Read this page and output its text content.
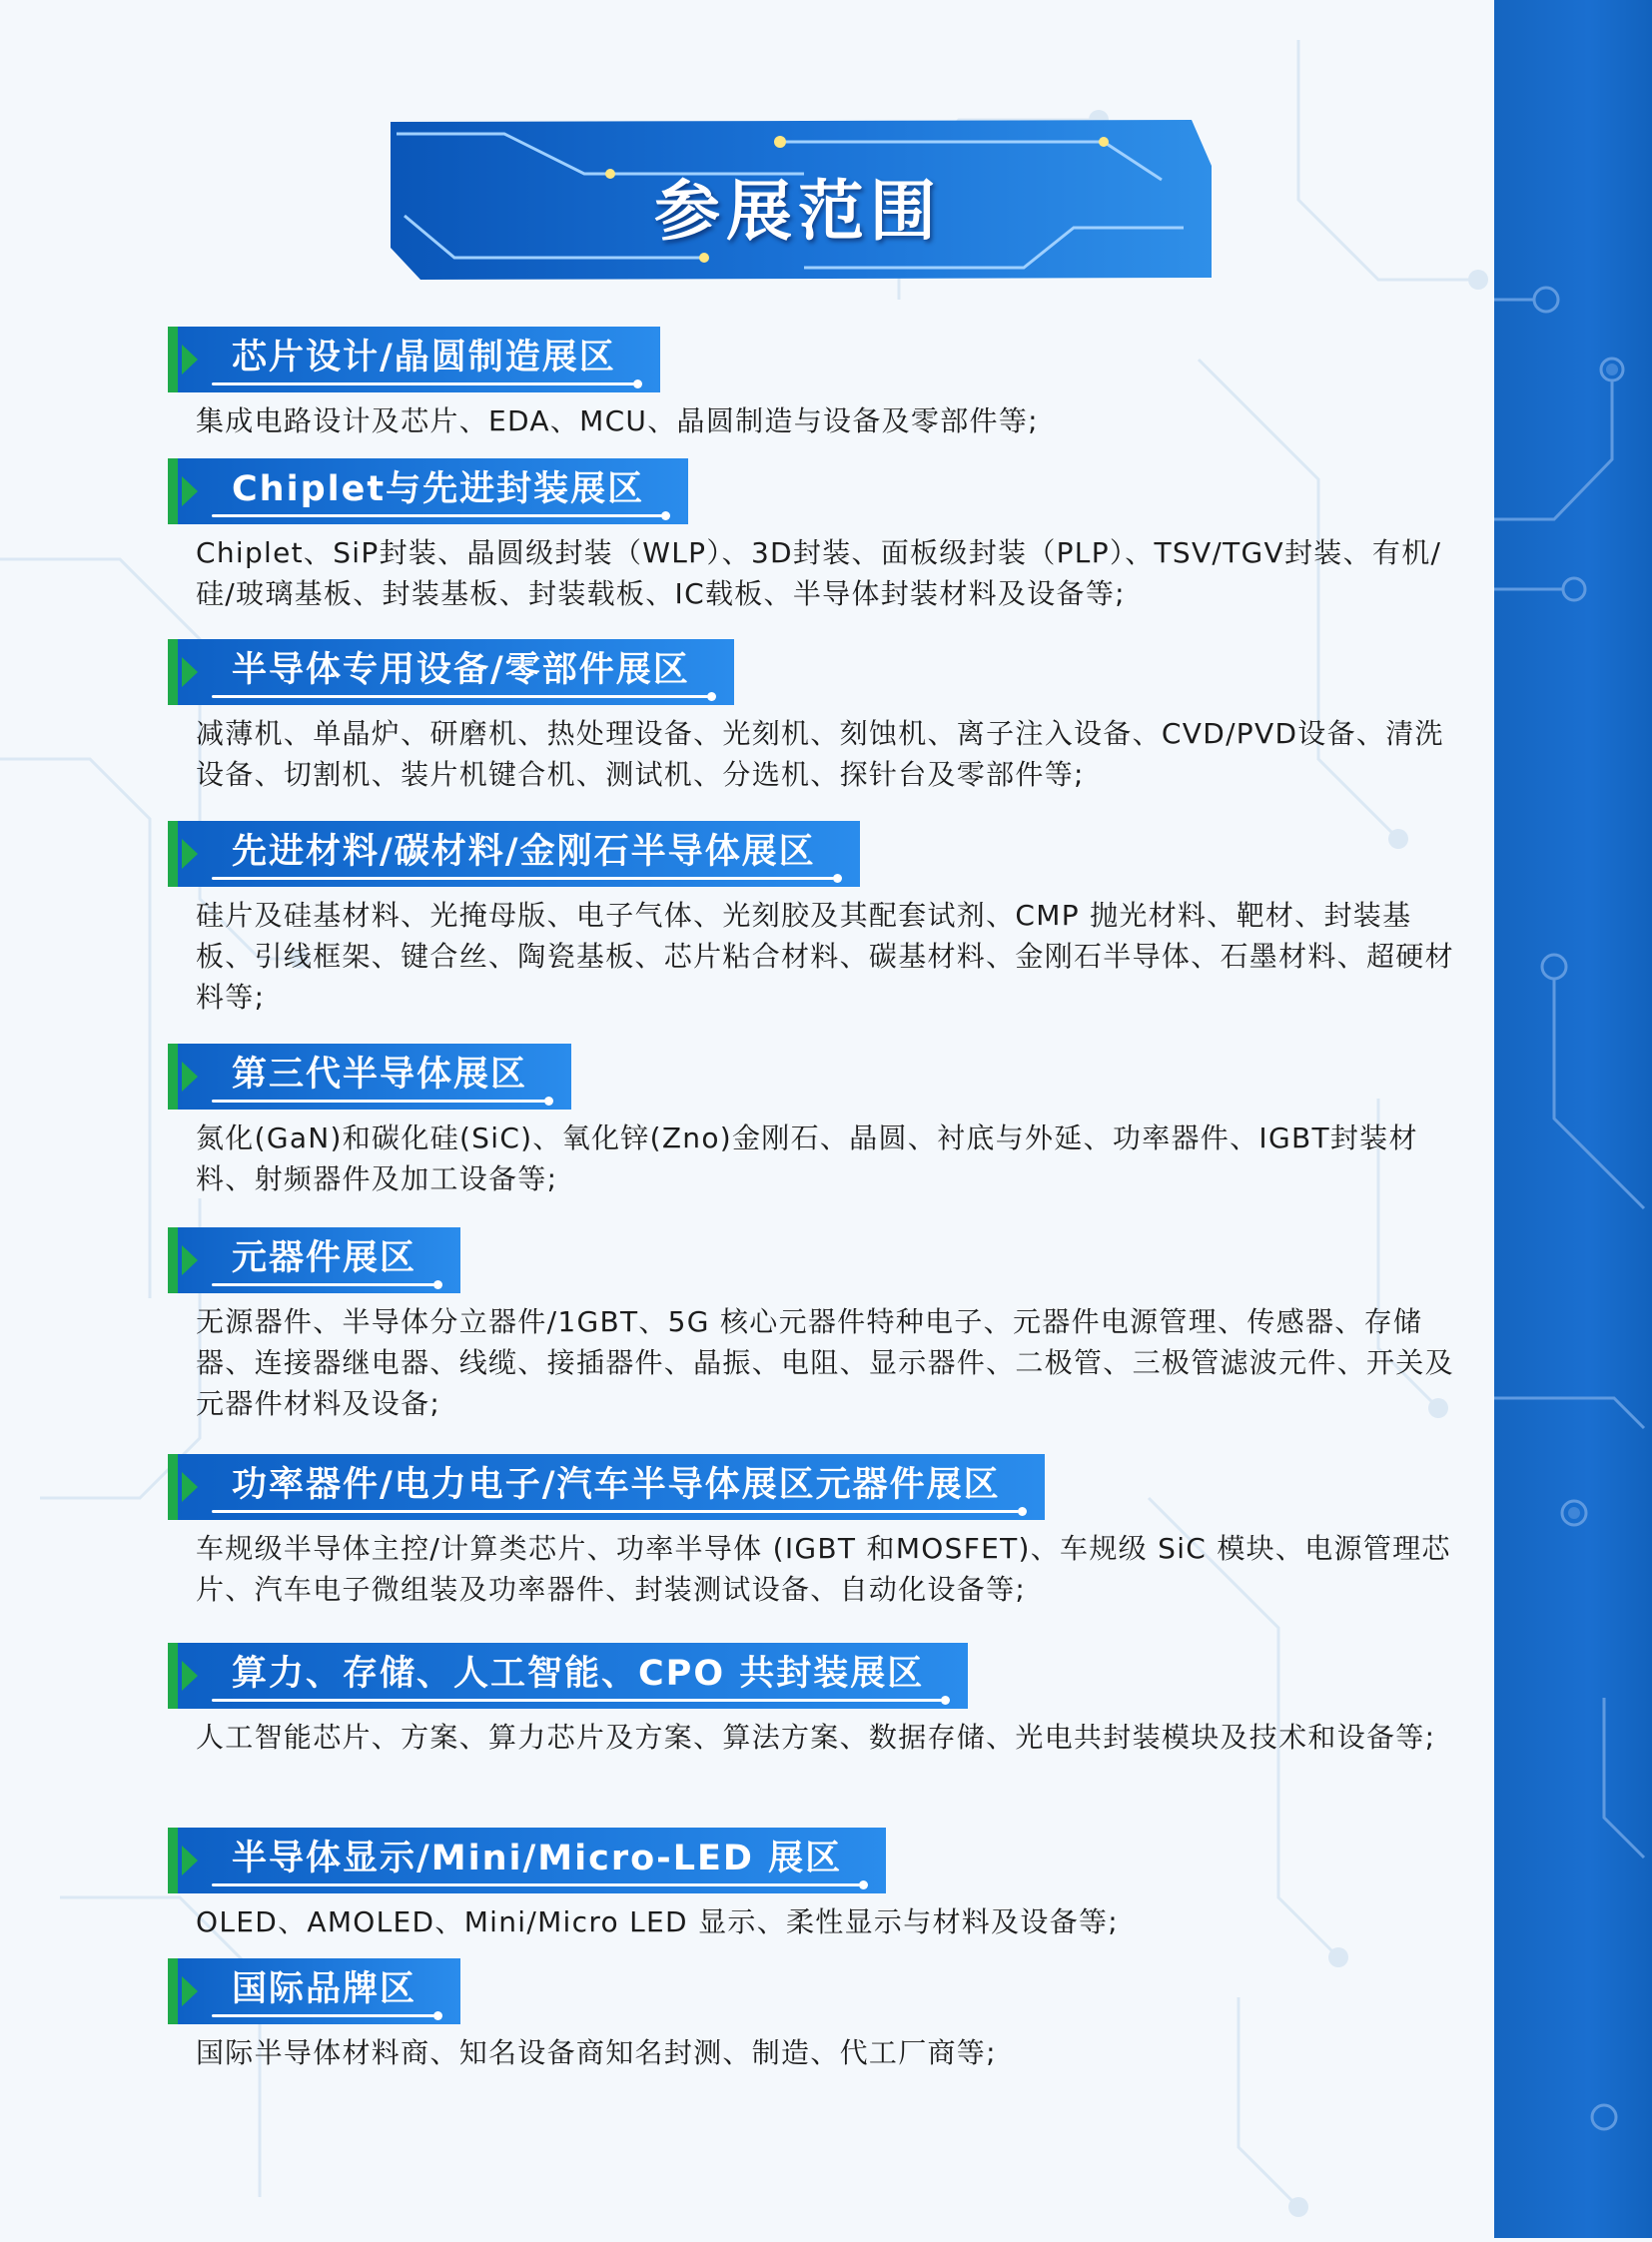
参展范围
芯片设计/晶圆制造展区
集成电路设计及芯片、EDA、MCU、晶圆制造与设备及零部件等;
Chiplet与先进封装展区
Chiplet、SiP封装、晶圆级封装（WLP）、3D封装、面板级封装（PLP）、TSV/TGV封装、有机/硅/玻璃基板、封装基板、封装载板、IC载板、半导体封装材料及设备等;
半导体专用设备/零部件展区
减薄机、单晶炉、研磨机、热处理设备、光刻机、刻蚀机、离子注入设备、CVD/PVD设备、清洗设备、切割机、装片机键合机、测试机、分选机、探针台及零部件等;
先进材料/碳材料/金刚石半导体展区
硅片及硅基材料、光掩母版、电子气体、光刻胶及其配套试剂、CMP 抛光材料、靶材、封装基板、引线框架、键合丝、陶瓷基板、芯片粘合材料、碳基材料、金刚石半导体、石墨材料、超硬材料等;
第三代半导体展区
氮化(GaN)和碳化硅(SiC)、氧化锌(Zno)金刚石、晶圆、衬底与外延、功率器件、IGBT封装材料、射频器件及加工设备等;
元器件展区
无源器件、半导体分立器件/1GBT、5G 核心元器件特种电子、元器件电源管理、传感器、存储器、连接器继电器、线缆、接插器件、晶振、电阻、显示器件、二极管、三极管滤波元件、开关及元器件材料及设备;
功率器件/电力电子/汽车半导体展区元器件展区
车规级半导体主控/计算类芯片、功率半导体 (IGBT 和MOSFET)、车规级 SiC 模块、电源管理芯片、汽车电子微组装及功率器件、封装测试设备、自动化设备等;
算力、存储、人工智能、CPO 共封装展区
人工智能芯片、方案、算力芯片及方案、算法方案、数据存储、光电共封装模块及技术和设备等;
半导体显示/Mini/Micro-LED 展区
OLED、AMOLED、Mini/Micro LED 显示、柔性显示与材料及设备等;
国际品牌区
国际半导体材料商、知名设备商知名封测、制造、代工厂商等;
